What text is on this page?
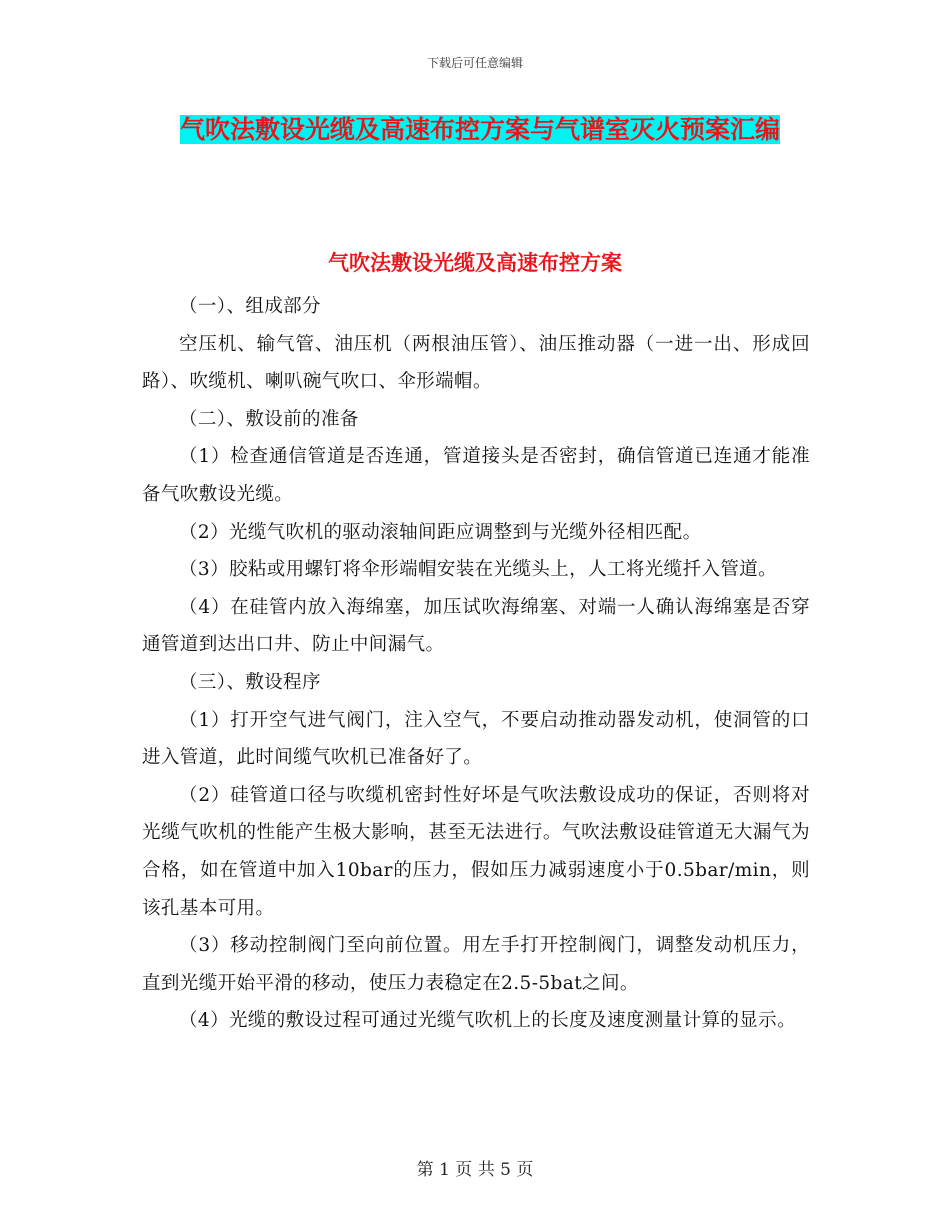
下载后可任意编辑
气吹法敷设光缆及高速布控方案与气谱室灭火预案汇编
气吹法敷设光缆及高速布控方案

（一）、组成部分

空压机、输气管、油压机（两根油压管）、油压推动器（一进一出、形成回路）、吹缆机、喇叭碗气吹口、伞形端帽。

（二）、敷设前的准备

（1）检查通信管道是否连通，管道接头是否密封，确信管道已连通才能准备气吹敷设光缆。

（2）光缆气吹机的驱动滚轴间距应调整到与光缆外径相匹配。

（3）胶粘或用螺钉将伞形端帽安装在光缆头上，人工将光缆扦入管道。

（4）在硅管内放入海绵塞，加压试吹海绵塞、对端一人确认海绵塞是否穿通管道到达出口井、防止中间漏气。

（三）、敷设程序

（1）打开空气进气阀门，注入空气，不要启动推动器发动机，使洞管的口进入管道，此时间缆气吹机已准备好了。

（2）硅管道口径与吹缆机密封性好坏是气吹法敷设成功的保证，否则将对光缆气吹机的性能产生极大影响，甚至无法进行。气吹法敷设硅管道无大漏气为合格，如在管道中加入10bar的压力，假如压力减弱速度小于0.5bar/min，则该孔基本可用。

（3）移动控制阀门至向前位置。用左手打开控制阀门，调整发动机压力，直到光缆开始平滑的移动，使压力表稳定在2.5-5bat之间。

（4）光缆的敷设过程可通过光缆气吹机上的长度及速度测量计算的显示。

第 1 页 共 5 页
